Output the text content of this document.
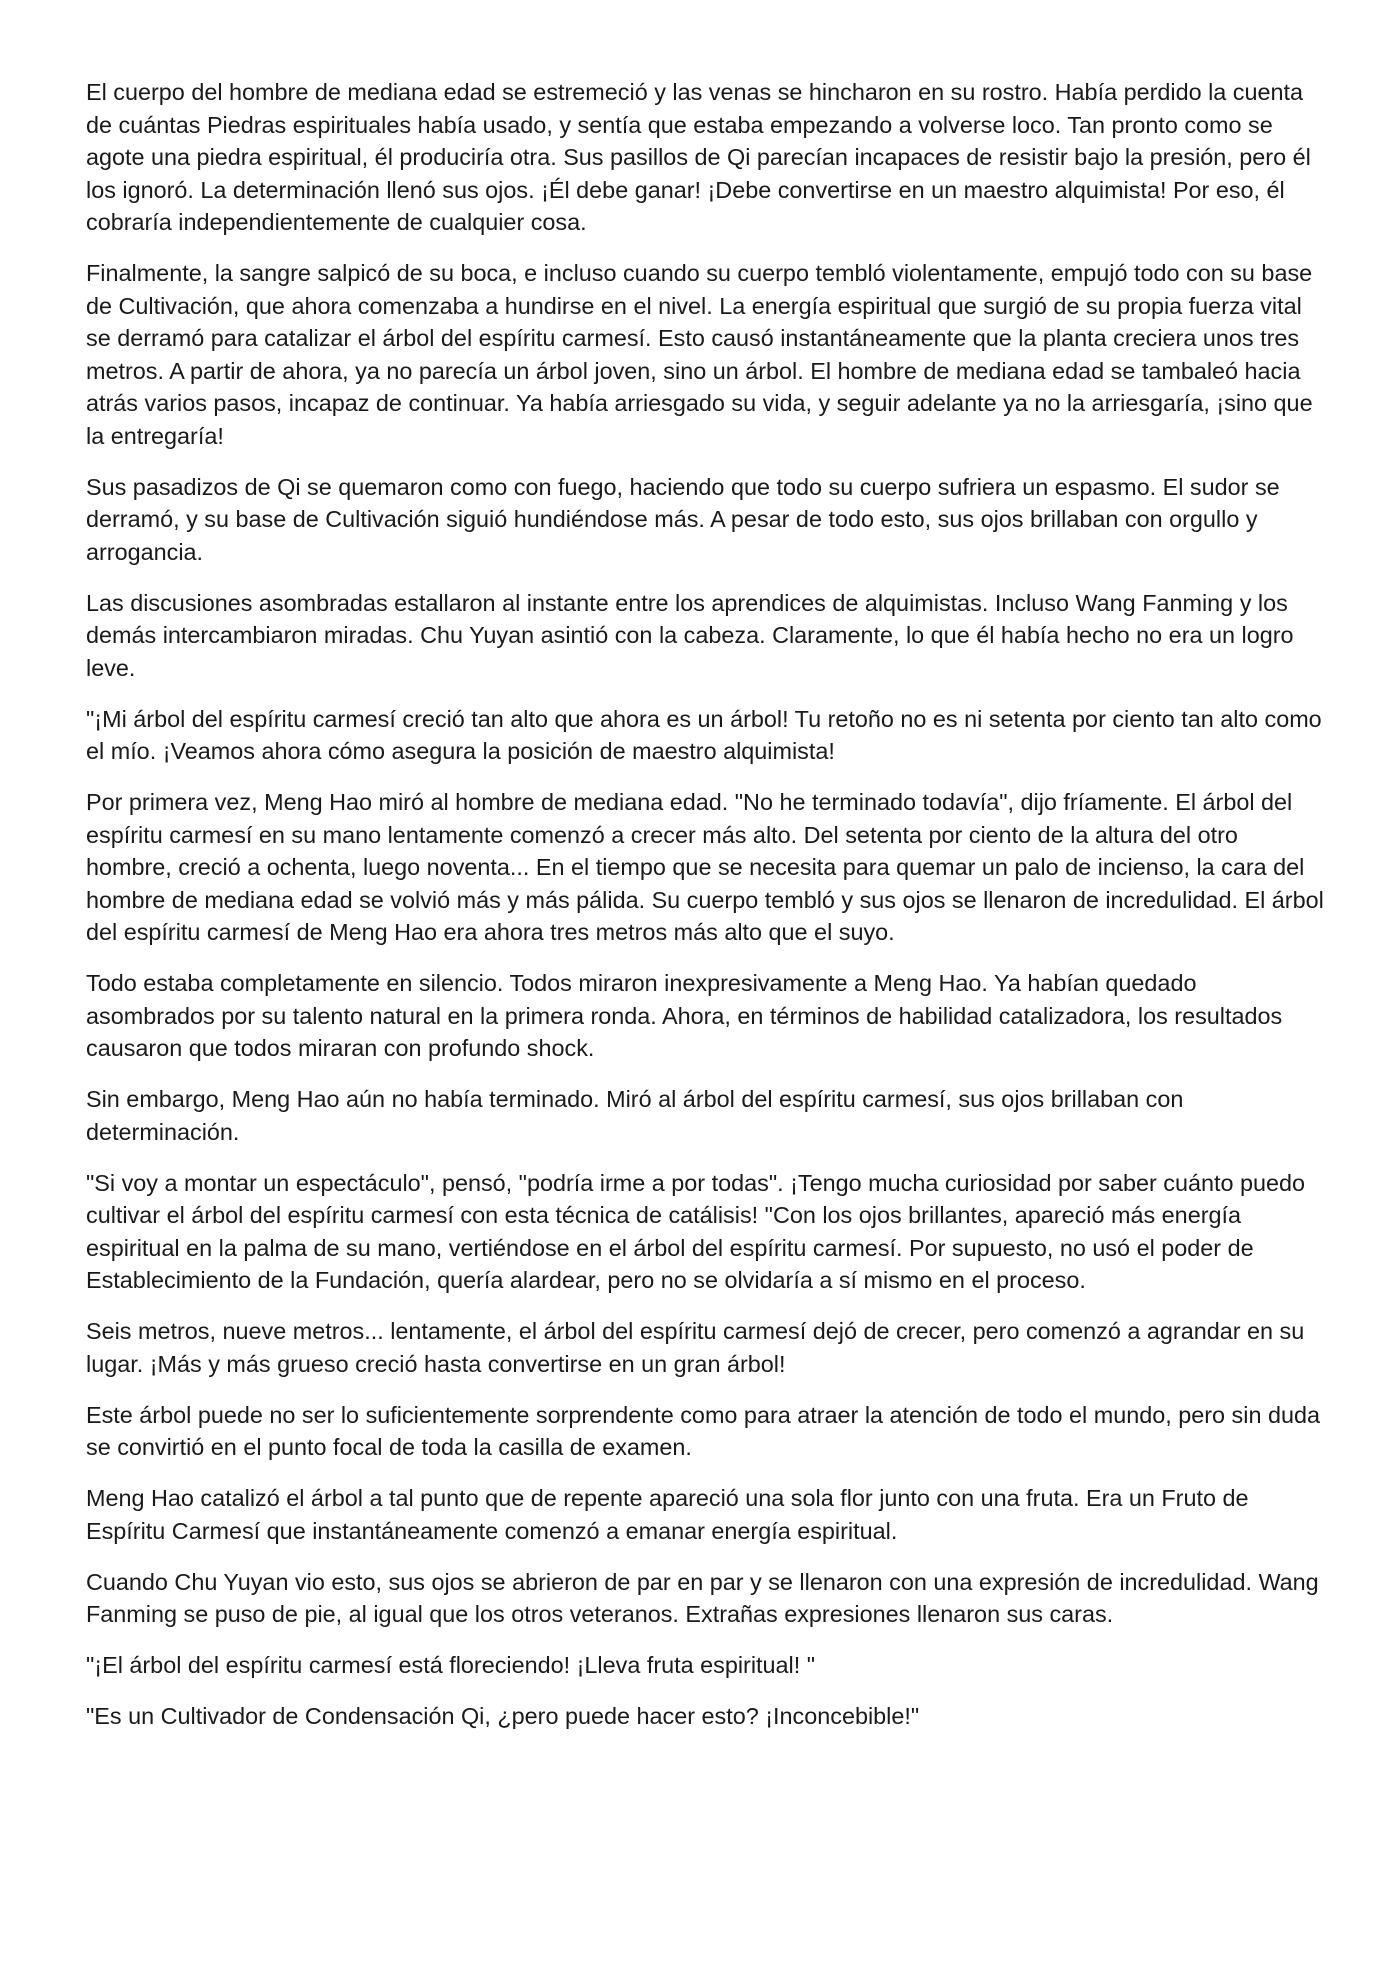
El cuerpo del hombre de mediana edad se estremeció y las venas se hincharon en su rostro. Había perdido la cuenta de cuántas Piedras espirituales había usado, y sentía que estaba empezando a volverse loco. Tan pronto como se agote una piedra espiritual, él produciría otra. Sus pasillos de Qi parecían incapaces de resistir bajo la presión, pero él los ignoró. La determinación llenó sus ojos. ¡Él debe ganar! ¡Debe convertirse en un maestro alquimista! Por eso, él cobraría independientemente de cualquier cosa.

Finalmente, la sangre salpicó de su boca, e incluso cuando su cuerpo tembló violentamente, empujó todo con su base de Cultivación, que ahora comenzaba a hundirse en el nivel. La energía espiritual que surgió de su propia fuerza vital se derramó para catalizar el árbol del espíritu carmesí. Esto causó instantáneamente que la planta creciera unos tres metros. A partir de ahora, ya no parecía un árbol joven, sino un árbol. El hombre de mediana edad se tambaleó hacia atrás varios pasos, incapaz de continuar. Ya había arriesgado su vida, y seguir adelante ya no la arriesgaría, ¡sino que la entregaría!

Sus pasadizos de Qi se quemaron como con fuego, haciendo que todo su cuerpo sufriera un espasmo. El sudor se derramó, y su base de Cultivación siguió hundiéndose más. A pesar de todo esto, sus ojos brillaban con orgullo y arrogancia.

Las discusiones asombradas estallaron al instante entre los aprendices de alquimistas. Incluso Wang Fanming y los demás intercambiaron miradas. Chu Yuyan asintió con la cabeza. Claramente, lo que él había hecho no era un logro leve.

"¡Mi árbol del espíritu carmesí creció tan alto que ahora es un árbol! Tu retoño no es ni setenta por ciento tan alto como el mío. ¡Veamos ahora cómo asegura la posición de maestro alquimista!

Por primera vez, Meng Hao miró al hombre de mediana edad. "No he terminado todavía", dijo fríamente. El árbol del espíritu carmesí en su mano lentamente comenzó a crecer más alto. Del setenta por ciento de la altura del otro hombre, creció a ochenta, luego noventa... En el tiempo que se necesita para quemar un palo de incienso, la cara del hombre de mediana edad se volvió más y más pálida. Su cuerpo tembló y sus ojos se llenaron de incredulidad. El árbol del espíritu carmesí de Meng Hao era ahora tres metros más alto que el suyo.

Todo estaba completamente en silencio. Todos miraron inexpresivamente a Meng Hao. Ya habían quedado asombrados por su talento natural en la primera ronda. Ahora, en términos de habilidad catalizadora, los resultados causaron que todos miraran con profundo shock.

Sin embargo, Meng Hao aún no había terminado. Miró al árbol del espíritu carmesí, sus ojos brillaban con determinación.

"Si voy a montar un espectáculo", pensó, "podría irme a por todas". ¡Tengo mucha curiosidad por saber cuánto puedo cultivar el árbol del espíritu carmesí con esta técnica de catálisis! "Con los ojos brillantes, apareció más energía espiritual en la palma de su mano, vertiéndose en el árbol del espíritu carmesí. Por supuesto, no usó el poder de Establecimiento de la Fundación, quería alardear, pero no se olvidaría a sí mismo en el proceso.

Seis metros, nueve metros... lentamente, el árbol del espíritu carmesí dejó de crecer, pero comenzó a agrandar en su lugar. ¡Más y más grueso creció hasta convertirse en un gran árbol!

Este árbol puede no ser lo suficientemente sorprendente como para atraer la atención de todo el mundo, pero sin duda se convirtió en el punto focal de toda la casilla de examen.

Meng Hao catalizó el árbol a tal punto que de repente apareció una sola flor junto con una fruta. Era un Fruto de Espíritu Carmesí que instantáneamente comenzó a emanar energía espiritual.

Cuando Chu Yuyan vio esto, sus ojos se abrieron de par en par y se llenaron con una expresión de incredulidad. Wang Fanming se puso de pie, al igual que los otros veteranos. Extrañas expresiones llenaron sus caras.

"¡El árbol del espíritu carmesí está floreciendo! ¡Lleva fruta espiritual! "

"Es un Cultivador de Condensación Qi, ¿pero puede hacer esto? ¡Inconcebible!"
